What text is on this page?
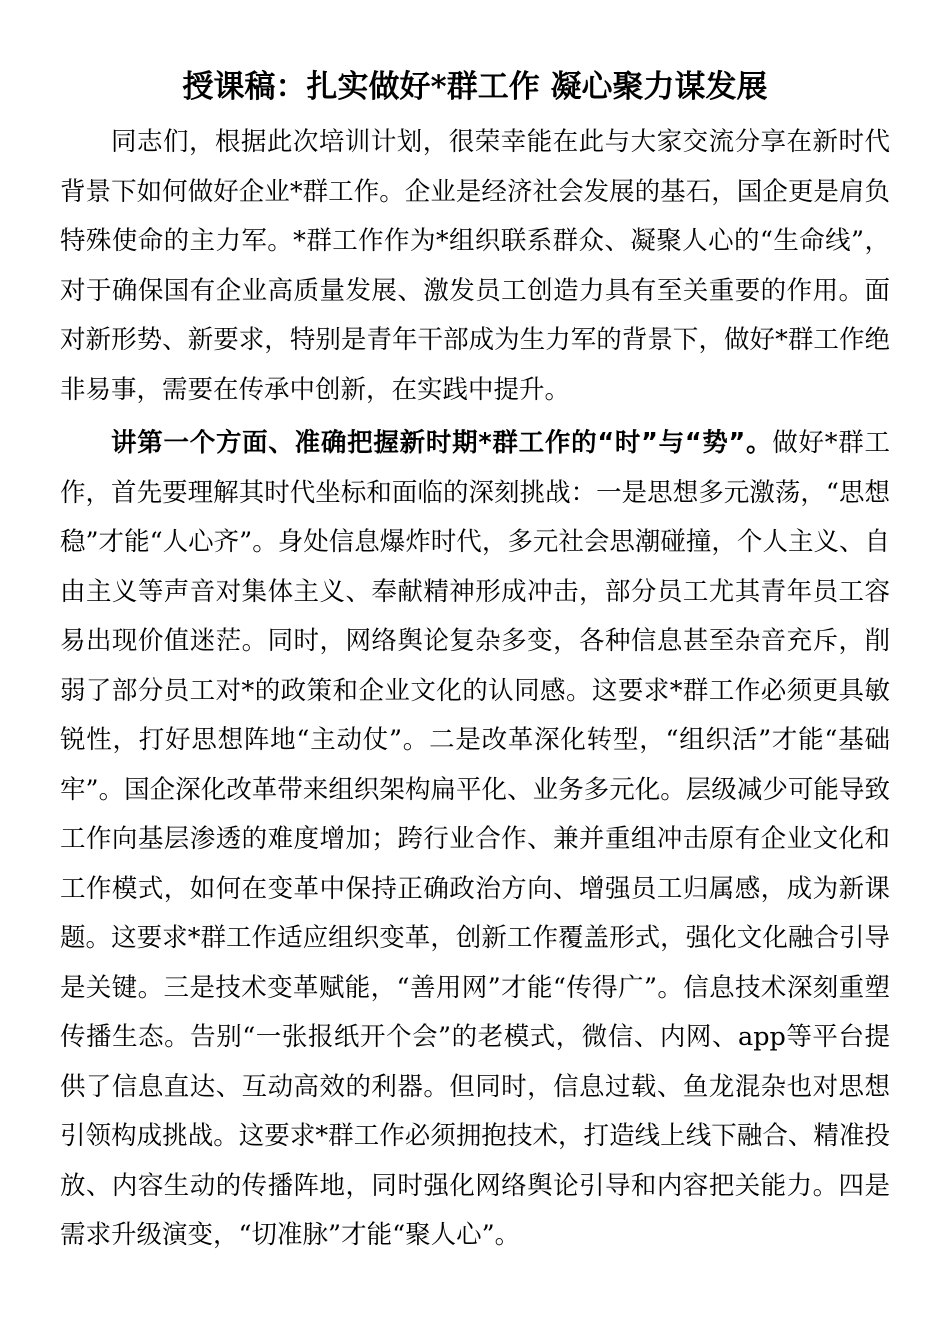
授课稿：扎实做好*群工作 凝心聚力谋发展

同志们，根据此次培训计划，很荣幸能在此与大家交流分享在新时代背景下如何做好企业*群工作。企业是经济社会发展的基石，国企更是肩负特殊使命的主力军。*群工作作为*组织联系群众、凝聚人心的“生命线”，对于确保国有企业高质量发展、激发员工创造力具有至关重要的作用。面对新形势、新要求，特别是青年干部成为生力军的背景下，做好*群工作绝非易事，需要在传承中创新，在实践中提升。

讲第一个方面、准确把握新时期*群工作的“时”与“势”。做好*群工作，首先要理解其时代坐标和面临的深刻挑战：一是思想多元激荡，“思想稳”才能“人心齐”。身处信息爆炸时代，多元社会思潮碰撞，个人主义、自由主义等声音对集体主义、奉献精神形成冲击，部分员工尤其青年员工容易出现价值迷茫。同时，网络舆论复杂多变，各种信息甚至杂音充斥，削弱了部分员工对*的政策和企业文化的认同感。这要求*群工作必须更具敏锐性，打好思想阵地“主动仗”。二是改革深化转型，“组织活”才能“基础牢”。国企深化改革带来组织架构扁平化、业务多元化。层级减少可能导致工作向基层渗透的难度增加；跨行业合作、兼并重组冲击原有企业文化和工作模式，如何在变革中保持正确政治方向、增强员工归属感，成为新课题。这要求*群工作适应组织变革，创新工作覆盖形式，强化文化融合引导是关键。三是技术变革赋能，“善用网”才能“传得广”。信息技术深刻重塑传播生态。告别“一张报纸开个会”的老模式，微信、内网、app等平台提供了信息直达、互动高效的利器。但同时，信息过载、鱼龙混杂也对思想引领构成挑战。这要求*群工作必须拥抱技术，打造线上线下融合、精准投放、内容生动的传播阵地，同时强化网络舆论引导和内容把关能力。四是需求升级演变，“切准脉”才能“聚人心”。
